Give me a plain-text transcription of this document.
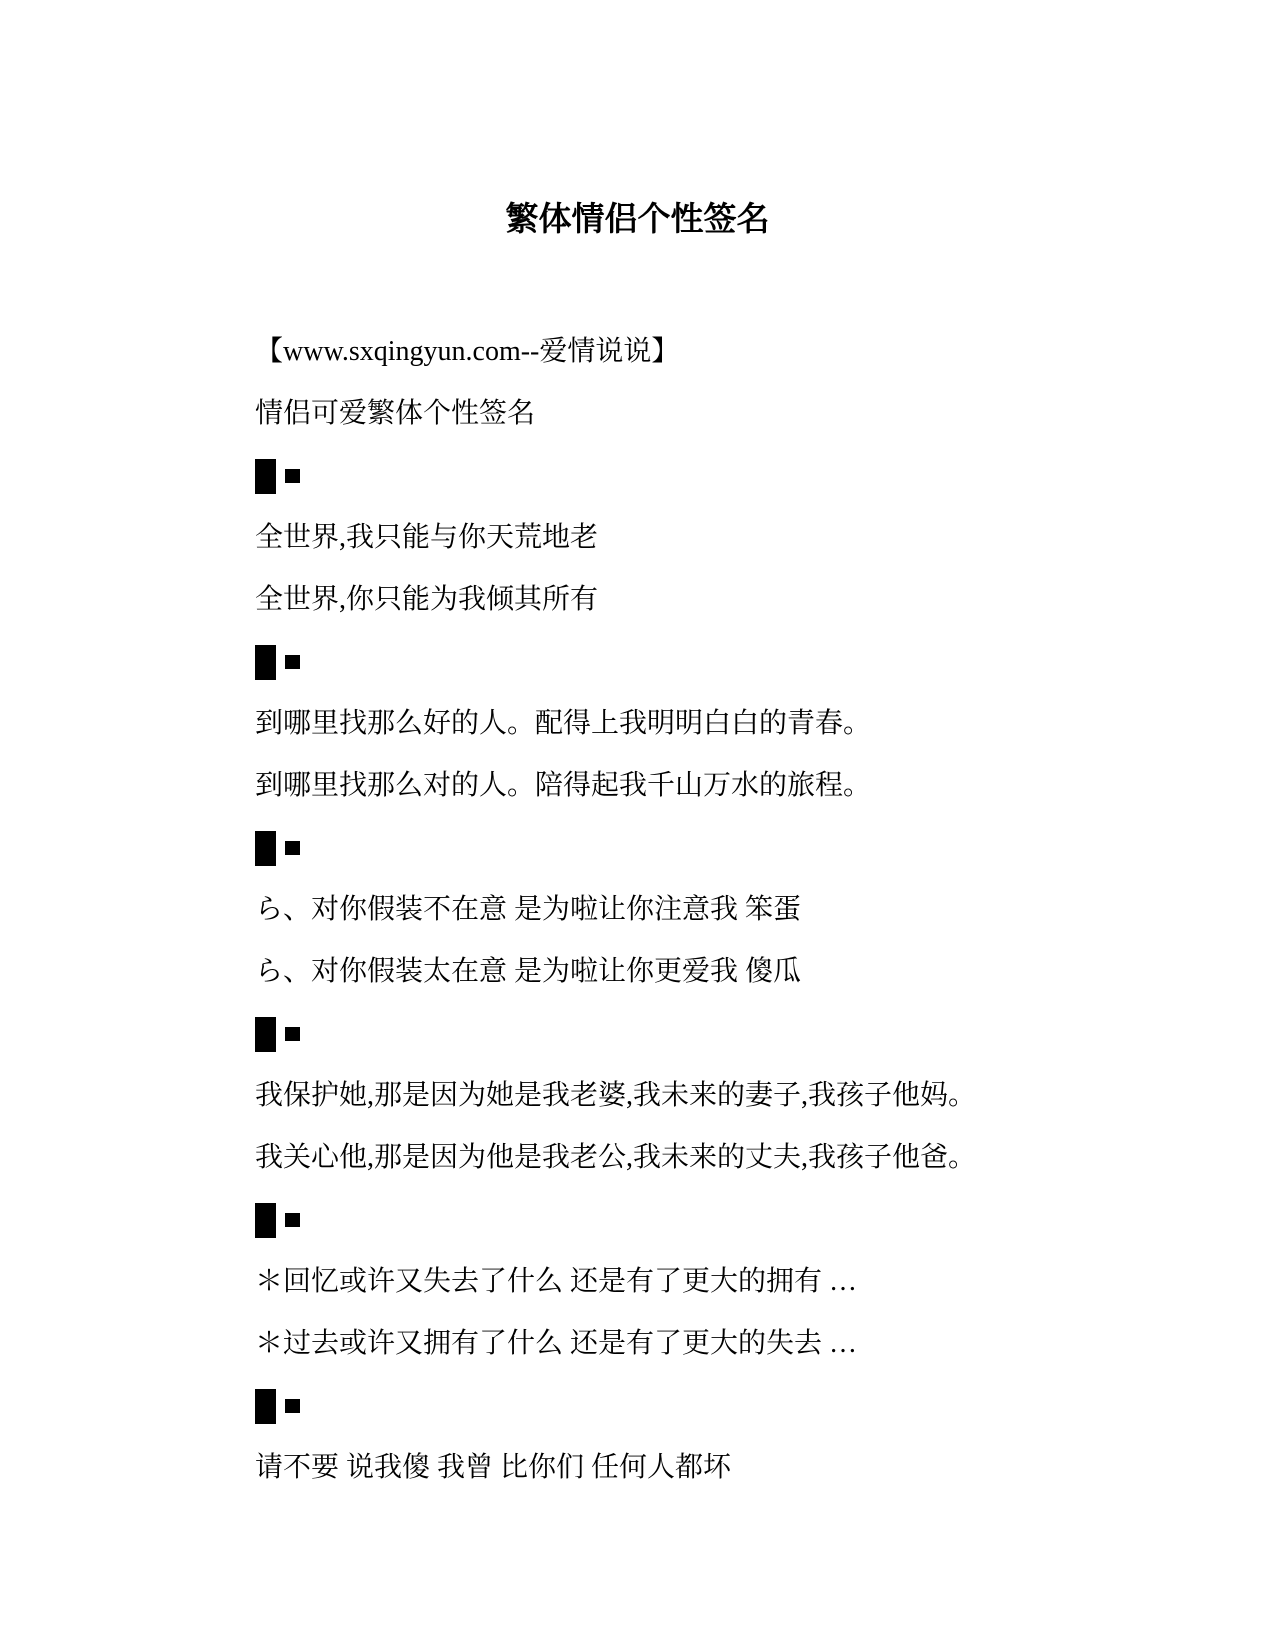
繁体情侣个性签名

【www.sxqingyun.com--爱情说说】

情侣可爱繁体个性签名

全世界,我只能与你天荒地老

全世界,你只能为我倾其所有

到哪里找那么好的人。配得上我明明白白的青春。

到哪里找那么对的人。陪得起我千山万水的旅程。

ら、对你假装不在意 是为啦让你注意我 笨蛋

ら、对你假装太在意 是为啦让你更爱我 傻瓜

我保护她,那是因为她是我老婆,我未来的妻子,我孩子他妈。

我关心他,那是因为他是我老公,我未来的丈夫,我孩子他爸。

＊回忆或许又失去了什么 还是有了更大的拥有 …

＊过去或许又拥有了什么 还是有了更大的失去 …

请不要 说我傻 我曾 比你们 任何人都坏
